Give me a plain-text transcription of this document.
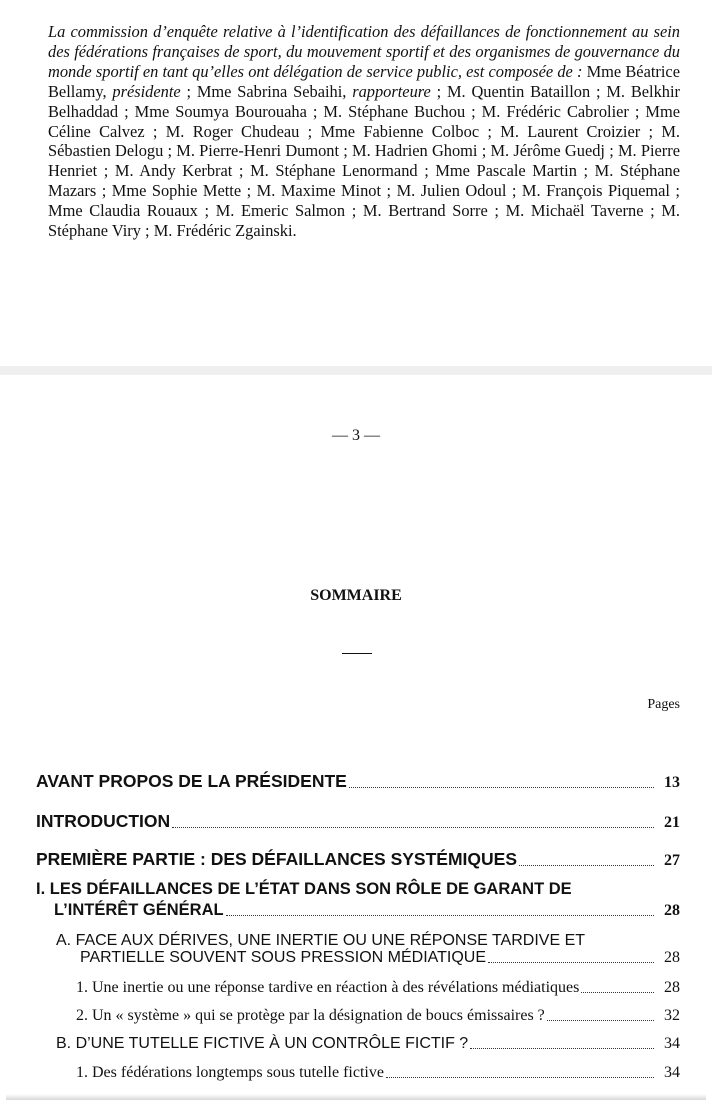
La commission d’enquête relative à l’identification des défaillances de fonctionnement au sein des fédérations françaises de sport, du mouvement sportif et des organismes de gouvernance du monde sportif en tant qu’elles ont délégation de service public, est composée de : Mme Béatrice Bellamy, présidente ; Mme Sabrina Sebaihi, rapporteure ; M. Quentin Bataillon ; M. Belkhir Belhaddad ; Mme Soumya Bourouaha ; M. Stéphane Buchou ; M. Frédéric Cabrolier ; Mme Céline Calvez ; M. Roger Chudeau ; Mme Fabienne Colboc ; M. Laurent Croizier ; M. Sébastien Delogu ; M. Pierre-Henri Dumont ; M. Hadrien Ghomi ; M. Jérôme Guedj ; M. Pierre Henriet ; M. Andy Kerbrat ; M. Stéphane Lenormand ; Mme Pascale Martin ; M. Stéphane Mazars ; Mme Sophie Mette ; M. Maxime Minot ; M. Julien Odoul ; M. François Piquemal ; Mme Claudia Rouaux ; M. Emeric Salmon ; M. Bertrand Sorre ; M. Michaël Taverne ; M. Stéphane Viry ; M. Frédéric Zgainski.

— 3 —
SOMMAIRE
Pages
AVANT PROPOS DE LA PRÉSIDENTE	13
INTRODUCTION	21
PREMIÈRE PARTIE : DES DÉFAILLANCES SYSTÉMIQUES	27
I. LES DÉFAILLANCES DE L’ÉTAT DANS SON RÔLE DE GARANT DE
L’INTÉRÊT GÉNÉRAL	28
A. FACE AUX DÉRIVES, UNE INERTIE OU UNE RÉPONSE TARDIVE ET
PARTIELLE SOUVENT SOUS PRESSION MÉDIATIQUE	28
1. Une inertie ou une réponse tardive en réaction à des révélations médiatiques	28
2. Un « système » qui se protège par la désignation de boucs émissaires ?	32
B. D’UNE TUTELLE FICTIVE À UN CONTRÔLE FICTIF ?	34
1. Des fédérations longtemps sous tutelle fictive	34
